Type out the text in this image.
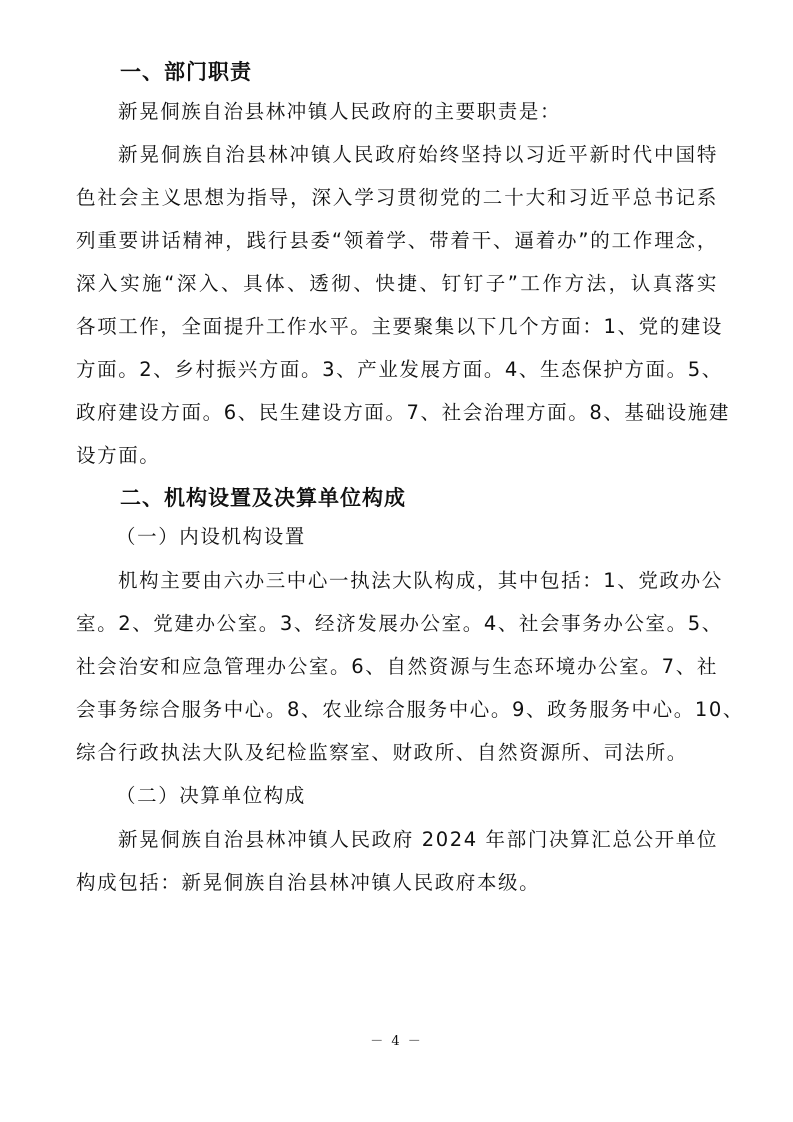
一、部门职责

新晃侗族自治县林冲镇人民政府的主要职责是：

新晃侗族自治县林冲镇人民政府始终坚持以习近平新时代中国特

色社会主义思想为指导，深入学习贯彻党的二十大和习近平总书记系

列重要讲话精神，践行县委“领着学、带着干、逼着办”的工作理念，

深入实施“深入、具体、透彻、快捷、钉钉子”工作方法，认真落实

各项工作，全面提升工作水平。主要聚集以下几个方面：1、党的建设

方面。2、乡村振兴方面。3、产业发展方面。4、生态保护方面。5、

政府建设方面。6、民生建设方面。7、社会治理方面。8、基础设施建

设方面。

二、机构设置及决算单位构成

（一）内设机构设置

机构主要由六办三中心一执法大队构成，其中包括：1、党政办公

室。2、党建办公室。3、经济发展办公室。4、社会事务办公室。5、

社会治安和应急管理办公室。6、自然资源与生态环境办公室。7、社

会事务综合服务中心。8、农业综合服务中心。9、政务服务中心。10、

综合行政执法大队及纪检监察室、财政所、自然资源所、司法所。

（二）决算单位构成

新晃侗族自治县林冲镇人民政府 2024 年部门决算汇总公开单位

构成包括：新晃侗族自治县林冲镇人民政府本级。

－ 4 －
